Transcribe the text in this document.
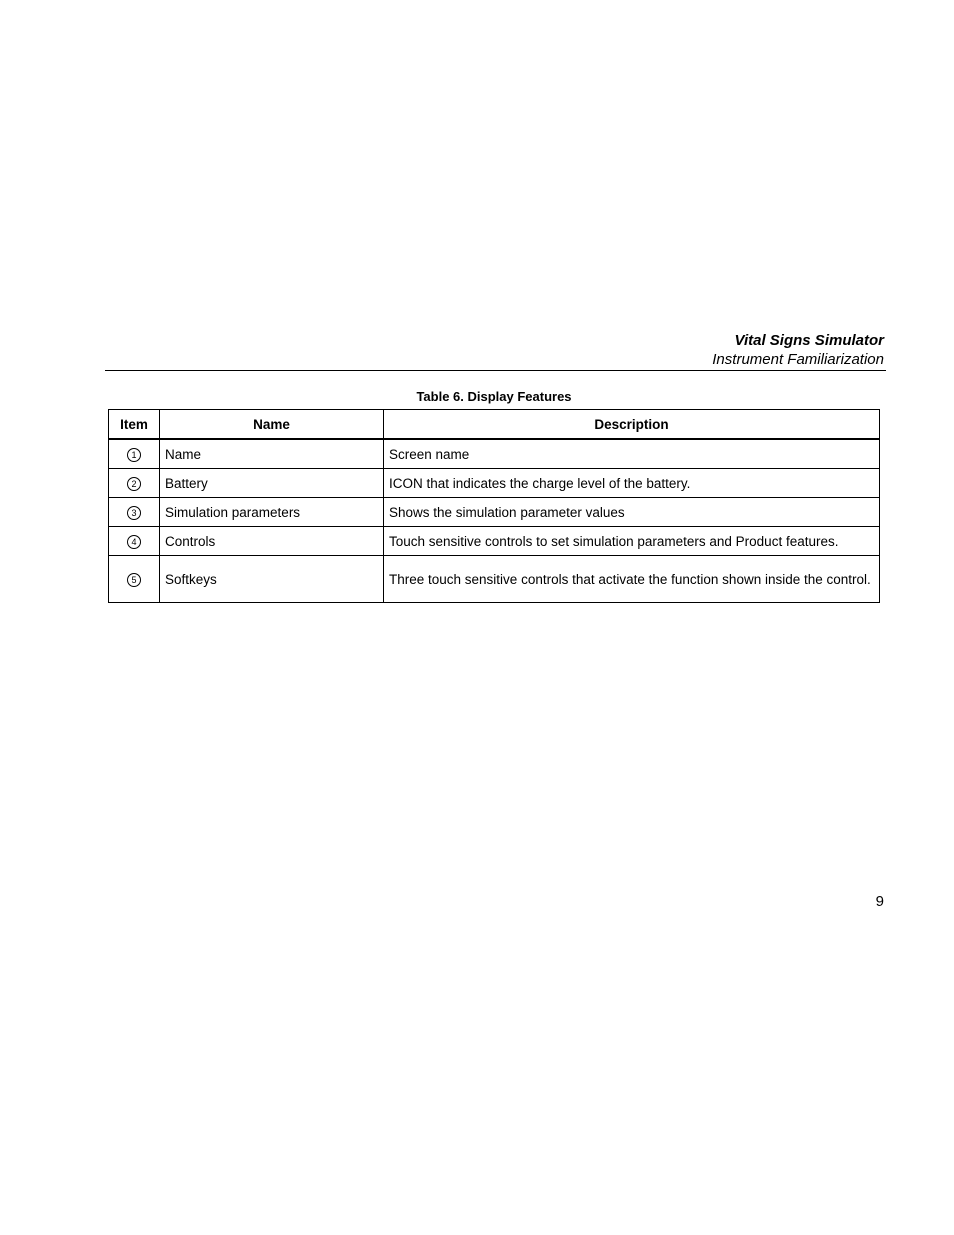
Vital Signs Simulator
Instrument Familiarization
Table 6. Display Features
Item	Name	Description
1	Name	Screen name
2	Battery	ICON that indicates the charge level of the battery.
3	Simulation parameters	Shows the simulation parameter values
4	Controls	Touch sensitive controls to set simulation parameters and Product features.
5	Softkeys	Three touch sensitive controls that activate the function shown inside the control.
9
